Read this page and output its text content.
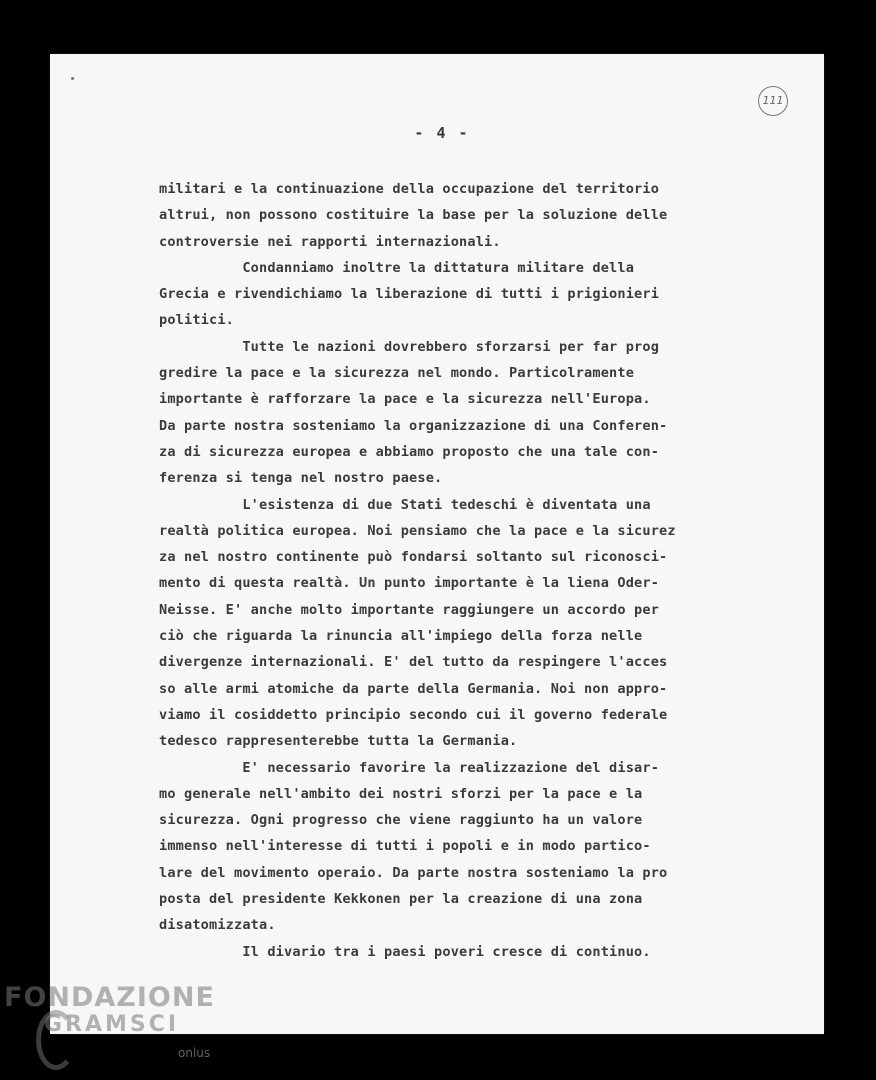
111
- 4 -
militari e la continuazione della occupazione del territorio
altrui, non possono costituire la base per la soluzione delle
controversie nei rapporti internazionali.
Condanniamo inoltre la dittatura militare della
Grecia e rivendichiamo la liberazione di tutti i prigionieri
politici.
Tutte le nazioni dovrebbero sforzarsi per far prog
gredire la pace e la sicurezza nel mondo. Particolramente
importante è rafforzare la pace e la sicurezza nell'Europa.
Da parte nostra sosteniamo la organizzazione di una Conferen-
za di sicurezza europea e abbiamo proposto che una tale con-
ferenza si tenga nel nostro paese.
L'esistenza di due Stati tedeschi è diventata una
realtà politica europea. Noi pensiamo che la pace e la sicurez
za nel nostro continente può fondarsi soltanto sul riconosci-
mento di questa realtà. Un punto importante è la liena Oder-
Neisse. E' anche molto importante raggiungere un accordo per
ciò che riguarda la rinuncia all'impiego della forza nelle
divergenze internazionali. E' del tutto da respingere l'acces
so alle armi atomiche da parte della Germania. Noi non appro-
viamo il cosiddetto principio secondo cui il governo federale
tedesco rappresenterebbe tutta la Germania.
E' necessario favorire la realizzazione del disar-
mo generale nell'ambito dei nostri sforzi per la pace e la
sicurezza. Ogni progresso che viene raggiunto ha un valore
immenso nell'interesse di tutti i popoli e in modo partico-
lare del movimento operaio. Da parte nostra sosteniamo la pro
posta del presidente Kekkonen per la creazione di una zona
disatomizzata.
Il divario tra i paesi poveri cresce di continuo.
FONDAZIONE
GRAMSCI
onlus
